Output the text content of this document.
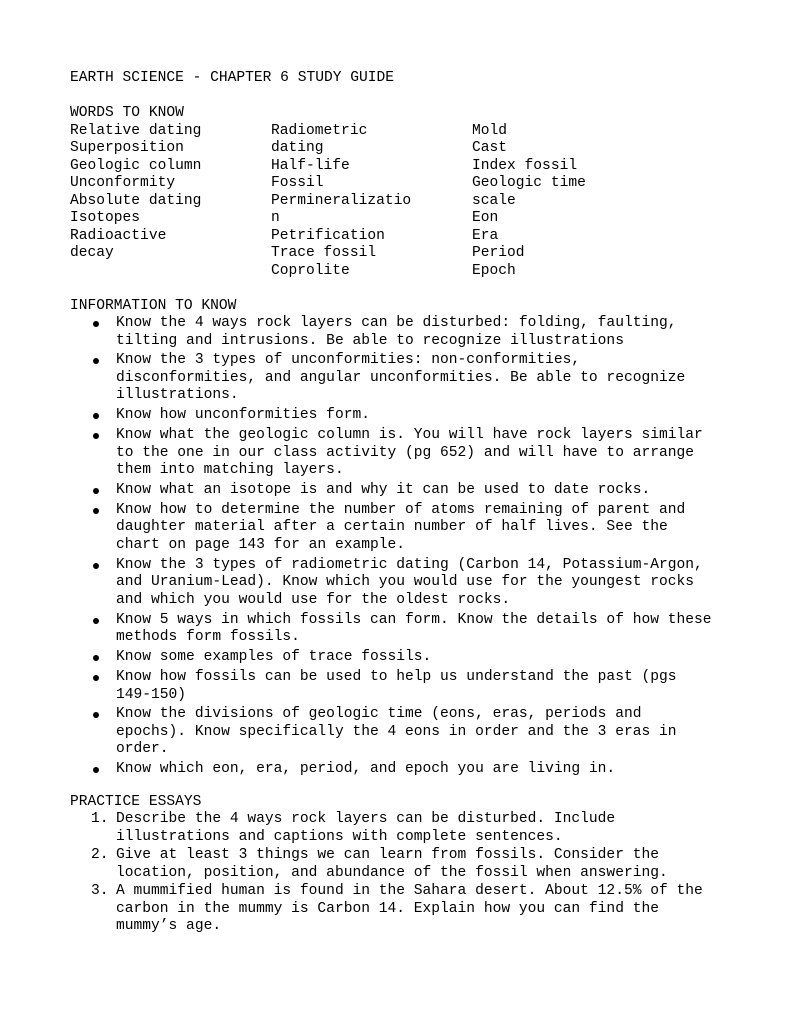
EARTH SCIENCE - CHAPTER 6 STUDY GUIDE
WORDS TO KNOW
Relative dating
Superposition
Geologic column
Unconformity
Absolute dating
Isotopes
Radioactive
decay
Radiometric
dating
Half-life
Fossil
Permineralizatio
n
Petrification
Trace fossil
Coprolite
Mold
Cast
Index fossil
Geologic time
scale
Eon
Era
Period
Epoch
INFORMATION TO KNOW
Know the 4 ways rock layers can be disturbed: folding, faulting, tilting and intrusions. Be able to recognize illustrations
Know the 3 types of unconformities: non-conformities, disconformities, and angular unconformities. Be able to recognize illustrations.
Know how unconformities form.
Know what the geologic column is. You will have rock layers similar to the one in our class activity (pg 652) and will have to arrange them into matching layers.
Know what an isotope is and why it can be used to date rocks.
Know how to determine the number of atoms remaining of parent and daughter material after a certain number of half lives. See the chart on page 143 for an example.
Know the 3 types of radiometric dating (Carbon 14, Potassium-Argon, and Uranium-Lead). Know which you would use for the youngest rocks and which you would use for the oldest rocks.
Know 5 ways in which fossils can form. Know the details of how these methods form fossils.
Know some examples of trace fossils.
Know how fossils can be used to help us understand the past (pgs 149-150)
Know the divisions of geologic time (eons, eras, periods and epochs). Know specifically the 4 eons in order and the 3 eras in order.
Know which eon, era, period, and epoch you are living in.
PRACTICE ESSAYS
1. Describe the 4 ways rock layers can be disturbed. Include illustrations and captions with complete sentences.
2. Give at least 3 things we can learn from fossils. Consider the location, position, and abundance of the fossil when answering.
3. A mummified human is found in the Sahara desert. About 12.5% of the carbon in the mummy is Carbon 14. Explain how you can find the mummy’s age.
